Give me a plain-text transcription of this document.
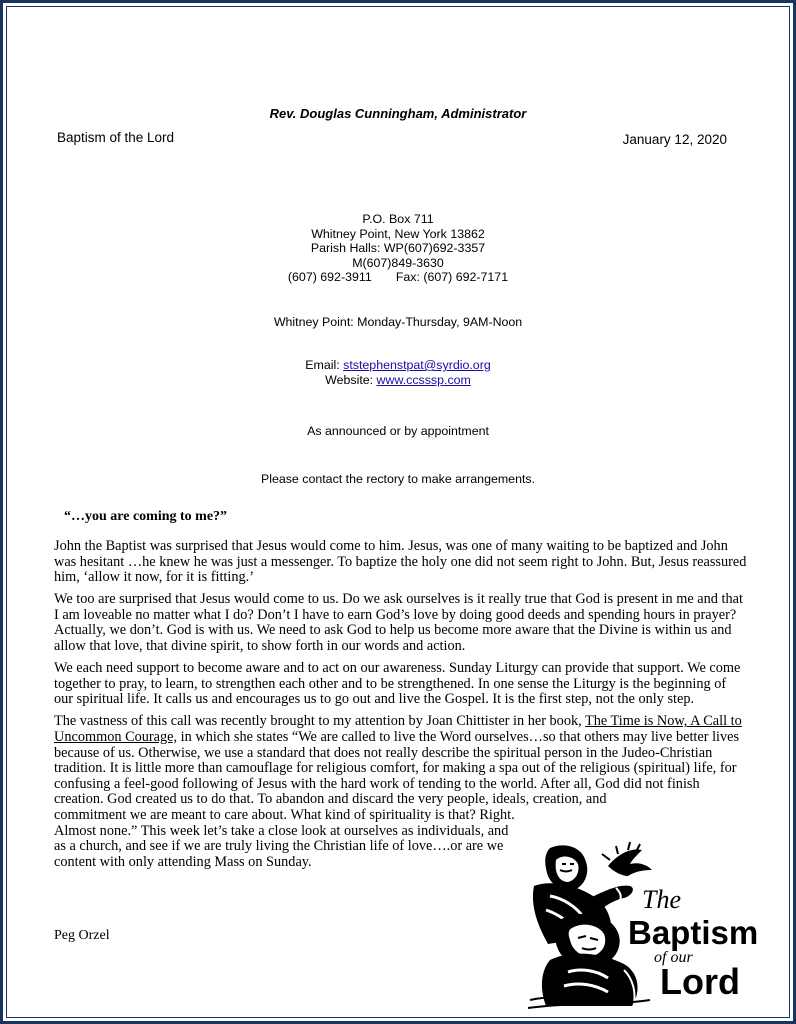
Rev. Douglas Cunningham, Administrator
Baptism of the Lord	January 12, 2020
P.O. Box 711
Whitney Point, New York 13862
Parish Halls: WP(607)692-3357
M(607)849-3630
(607) 692-3911       Fax: (607) 692-7171
Whitney Point: Monday-Thursday, 9AM-Noon
Email: ststephenstpat@syrdio.org
Website: www.ccsssp.com
As announced or by appointment
Please contact the rectory to make arrangements.
“…you are coming to me?”

John the Baptist was surprised that Jesus would come to him. Jesus, was one of many waiting to be baptized and John was hesitant …he knew he was just a messenger. To baptize the holy one did not seem right to John. But, Jesus reassured him, ‘allow it now, for it is fitting.’

We too are surprised that Jesus would come to us. Do we ask ourselves is it really true that God is present in me and that I am loveable no matter what I do? Don’t I have to earn God’s love by doing good deeds and spending hours in prayer? Actually, we don’t. God is with us. We need to ask God to help us become more aware that the Divine is within us and allow that love, that divine spirit, to show forth in our words and action.

We each need support to become aware and to act on our awareness. Sunday Liturgy can provide that support. We come together to pray, to learn, to strengthen each other and to be strengthened. In one sense the Liturgy is the beginning of our spiritual life. It calls us and encourages us to go out and live the Gospel. It is the first step, not the only step.

The vastness of this call was recently brought to my attention by Joan Chittister in her book, The Time is Now, A Call to Uncommon Courage, in which she states “We are called to live the Word ourselves…so that others may live better lives because of us. Otherwise, we use a standard that does not really describe the spiritual person in the Judeo-Christian tradition. It is little more than camouflage for religious comfort, for making a spa out of the religious (spiritual) life, for confusing a feel-good following of Jesus with the hard work of tending to the world. After all, God did not finish creation. God created us to do that. To abandon and discard the very people, ideals, creation, and
commitment we are meant to care about. What kind of spirituality is that? Right.
Almost none.” This week let’s take a close look at ourselves as individuals, and
as a church, and see if we are truly living the Christian life of love….or are we
content with only attending Mass on Sunday.

Peg Orzel
The
Baptism
of our
Lord
